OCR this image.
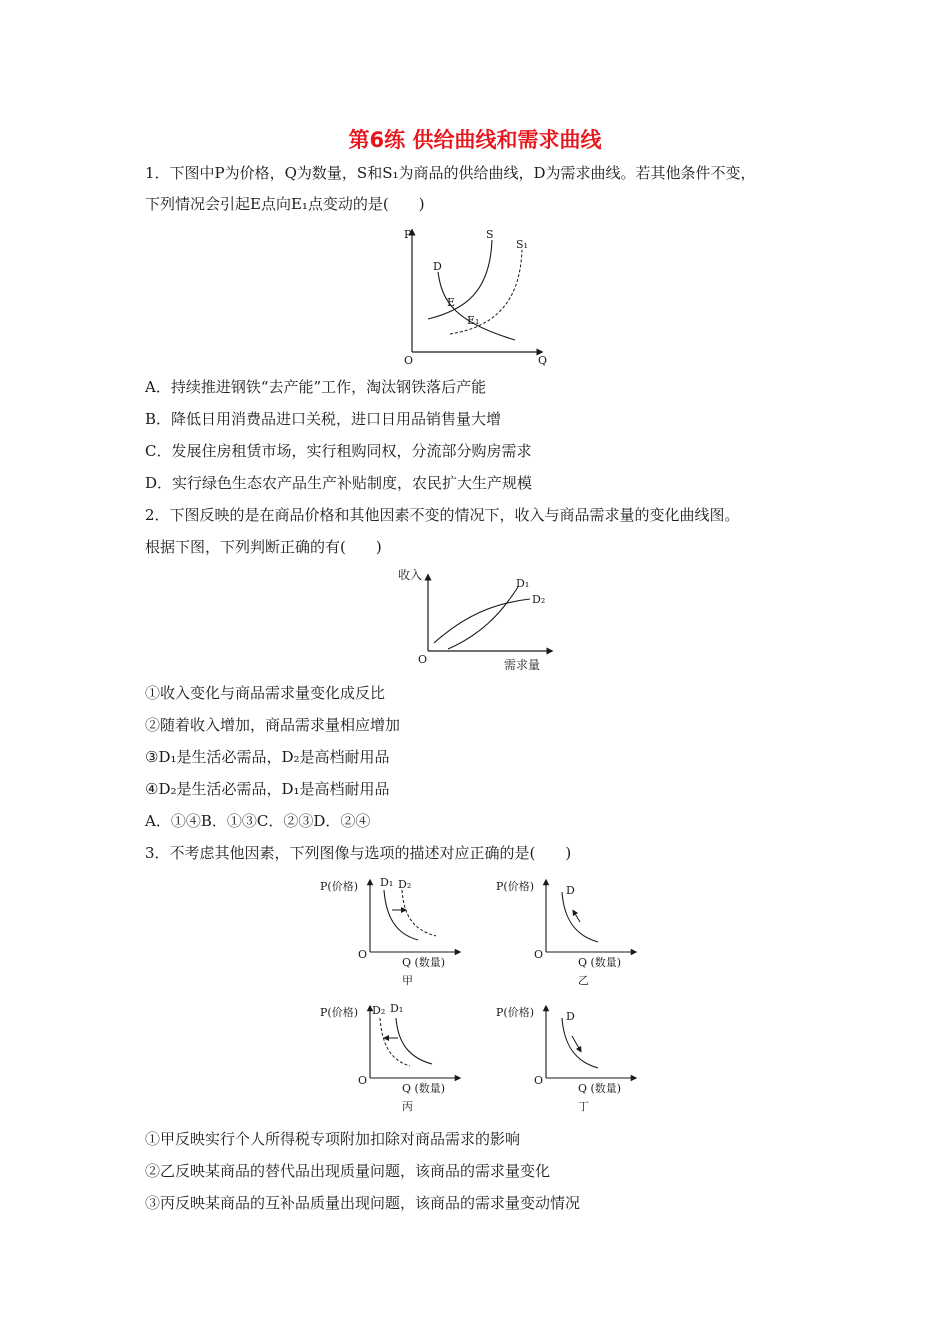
第6练 供给曲线和需求曲线
1．下图中P为价格，Q为数量，S和S₁为商品的供给曲线，D为需求曲线。若其他条件不变，
下列情况会引起E点向E₁点变动的是(　　)
P
Q
O
S
S₁
D
E
E₁
A．持续推进钢铁“去产能”工作，淘汰钢铁落后产能
B．降低日用消费品进口关税，进口日用品销售量大增
C．发展住房租赁市场，实行租购同权，分流部分购房需求
D．实行绿色生态农产品生产补贴制度，农民扩大生产规模
2．下图反映的是在商品价格和其他因素不变的情况下，收入与商品需求量的变化曲线图。
根据下图，下列判断正确的有(　　)
收入
需求量
O
D₁
D₂
①收入变化与商品需求量变化成反比
②随着收入增加，商品需求量相应增加
③D₁是生活必需品，D₂是高档耐用品
④D₂是生活必需品，D₁是高档耐用品
A．①④B．①③C．②③D．②④
3．不考虑其他因素，下列图像与选项的描述对应正确的是(　　)
P(价格) D₁ D₂
O
Q (数量)
甲
P(价格)	D
O
Q (数量)
乙
P(价格) D₂ D₁
O
Q (数量)
丙
P(价格)	D
O
Q (数量)
丁
①甲反映实行个人所得税专项附加扣除对商品需求的影响
②乙反映某商品的替代品出现质量问题，该商品的需求量变化
③丙反映某商品的互补品质量出现问题，该商品的需求量变动情况
